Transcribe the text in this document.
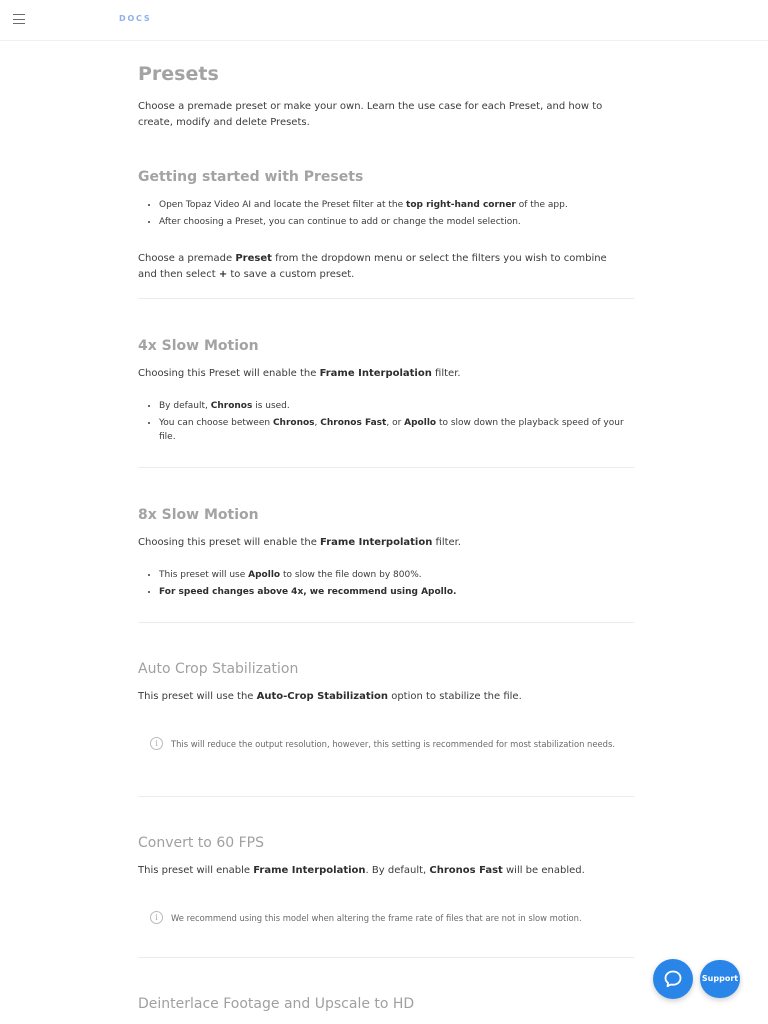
DOCS
Presets

Choose a premade preset or make your own. Learn the use case for each Preset, and how to create, modify and delete Presets.

Getting started with Presets
• Open Topaz Video AI and locate the Preset filter at the top right-hand corner of the app.
• After choosing a Preset, you can continue to add or change the model selection.

Choose a premade Preset from the dropdown menu or select the filters you wish to combine and then select + to save a custom preset.

4x Slow Motion

Choosing this Preset will enable the Frame Interpolation filter.

• By default, Chronos is used.
• You can choose between Chronos, Chronos Fast, or Apollo to slow down the playback speed of your file.
8x Slow Motion

Choosing this preset will enable the Frame Interpolation filter.

• This preset will use Apollo to slow the file down by 800%.
• For speed changes above 4x, we recommend using Apollo.
Auto Crop Stabilization

This preset will use the Auto-Crop Stabilization option to stabilize the file.

i	This will reduce the output resolution, however, this setting is recommended for most stabilization needs.
Convert to 60 FPS

This preset will enable Frame Interpolation. By default, Chronos Fast will be enabled.

i	We recommend using this model when altering the frame rate of files that are not in slow motion.
Deinterlace Footage and Upscale to HD
Support
